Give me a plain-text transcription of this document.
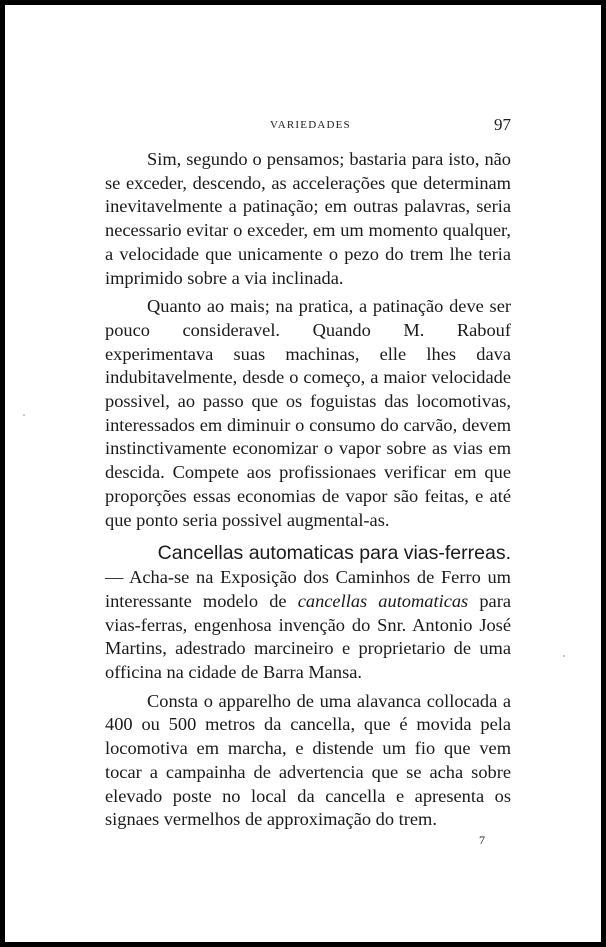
VARIEDADES	97

Sim, segundo o pensamos; bastaria para isto, não se exceder, descendo, as accelerações que determinam inevitavelmente a patinação; em outras palavras, seria necessario evitar o exceder, em um momento qualquer, a velocidade que unicamente o pezo do trem lhe teria imprimido sobre a via inclinada.

Quanto ao mais; na pratica, a patinação deve ser pouco consideravel. Quando M. Rabouf experimentava suas machinas, elle lhes dava indubitavelmente, desde o começo, a maior velocidade possivel, ao passo que os foguistas das locomotivas, interessados em diminuir o consumo do carvão, devem instinctivamente economizar o vapor sobre as vias em descida. Compete aos profissionaes verificar em que proporções essas economias de vapor são feitas, e até que ponto seria possivel augmental-as.

Cancellas automaticas para vias-ferreas.

— Acha-se na Exposição dos Caminhos de Ferro um interessante modelo de cancellas automaticas para vias-ferras, engenhosa invenção do Snr. Antonio José Martins, adestrado marcineiro e proprietario de uma officina na cidade de Barra Mansa.

Consta o apparelho de uma alavanca collocada a 400 ou 500 metros da cancella, que é movida pela locomotiva em marcha, e distende um fio que vem tocar a campainha de advertencia que se acha sobre elevado poste no local da cancella e apresenta os signaes vermelhos de approximação do trem.

7
